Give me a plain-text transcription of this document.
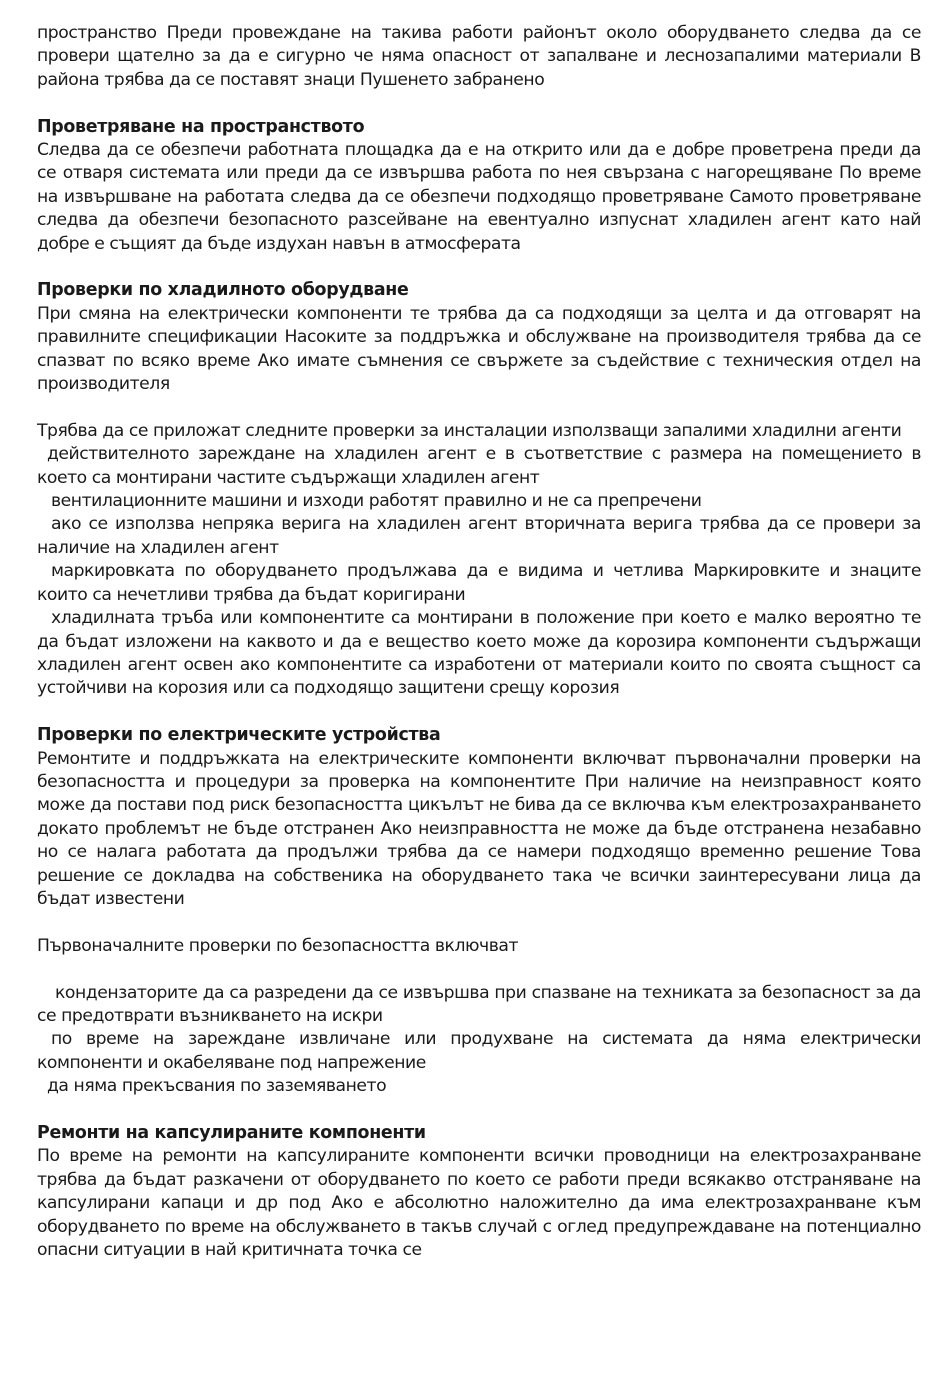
пространство Преди провеждане на такива работи районът около оборудването следва да се провери щателно за да е сигурно че няма опасност от запалване и леснозапалими материали В района трябва да се поставят знаци Пушенето забранено

Проветряване на пространството

Следва да се обезпечи работната площадка да е на открито или да е добре проветрена преди да се отваря системата или преди да се извършва работа по нея свързана с нагорещяване По време на извършване на работата следва да се обезпечи подходящо проветряване Самото проветряване следва да обезпечи безопасното разсейване на евентуално изпуснат хладилен агент като най добре е същият да бъде издухан навън в атмосферата

Проверки по хладилното оборудване

При смяна на електрически компоненти те трябва да са подходящи за целта и да отговарят на правилните спецификации Насоките за поддръжка и обслужване на производителя трябва да се спазват по всяко време Ако имате съмнения се свържете за съдействие с техническия отдел на производителя

Трябва да се приложат следните проверки за инсталации използващи запалими хладилни агенти

действителното зареждане на хладилен агент е в съответствие с размера на помещението в което са монтирани частите съдържащи хладилен агент

вентилационните машини и изходи работят правилно и не са препречени

ако се използва непряка верига на хладилен агент вторичната верига трябва да се провери за наличие на хладилен агент

маркировката по оборудването продължава да е видима и четлива Маркировките и знаците които са нечетливи трябва да бъдат коригирани

хладилната тръба или компонентите са монтирани в положение при което е малко вероятно те да бъдат изложени на каквото и да е вещество което може да корозира компоненти съдържащи хладилен агент освен ако компонентите са изработени от материали които по своята същност са устойчиви на корозия или са подходящо защитени срещу корозия

Проверки по електрическите устройства

Ремонтите и поддръжката на електрическите компоненти включват първоначални проверки на безопасността и процедури за проверка на компонентите При наличие на неизправност която може да постави под риск безопасността цикълът не бива да се включва към електрозахранването докато проблемът не бъде отстранен Ако неизправността не може да бъде отстранена незабавно но се налага работата да продължи трябва да се намери подходящо временно решение Това решение се докладва на собственика на оборудването така че всички заинтересувани лица да бъдат известени

Първоначалните проверки по безопасността включват

кондензаторите да са разредени да се извършва при спазване на техниката за безопасност за да се предотврати възникването на искри

по време на зареждане извличане или продухване на системата да няма електрически компоненти и окабеляване под напрежение

да няма прекъсвания по заземяването

Ремонти на капсулираните компоненти

По време на ремонти на капсулираните компоненти всички проводници на електрозахранване трябва да бъдат разкачени от оборудването по което се работи преди всякакво отстраняване на капсулирани капаци и др под Ако е абсолютно наложително да има електрозахранване към оборудването по време на обслужването в такъв случай с оглед предупреждаване на потенциално опасни ситуации в най критичната точка се
